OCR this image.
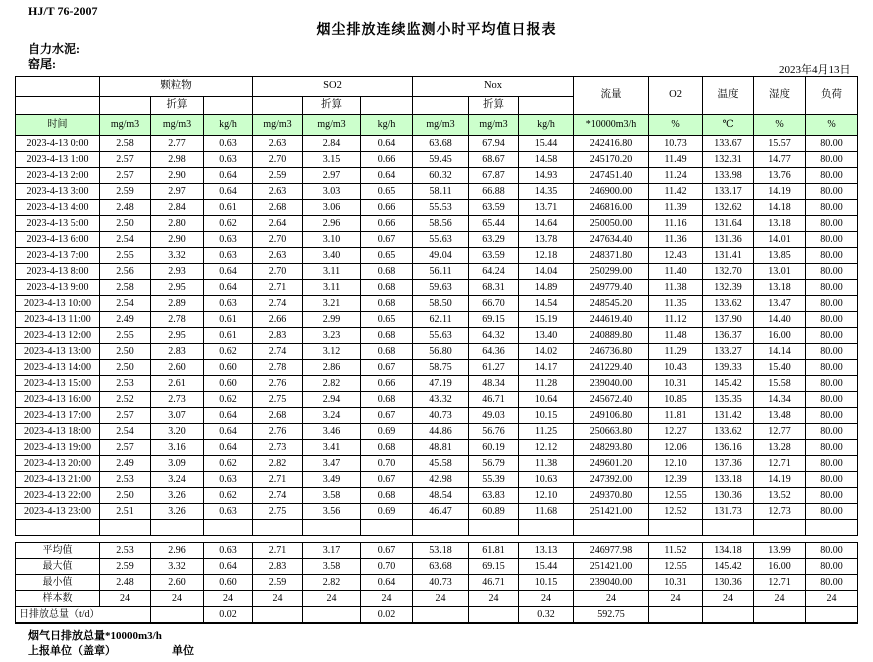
HJ/T 76-2007
烟尘排放连续监测小时平均值日报表
自力水泥:
窑尾:	2023年4月13日
	颗粒物			SO2			Nox			流量	O2	温度	湿度	负荷
		折算			折算			折算						
时间	mg/m3	mg/m3	kg/h	mg/m3	mg/m3	kg/h	mg/m3	mg/m3	kg/h	*10000m3/h	%	℃	%	%
2023-4-13 0:00	2.58	2.77	0.63	2.63	2.84	0.64	63.68	67.94	15.44	242416.80	10.73	133.67	15.57	80.00
2023-4-13 1:00	2.57	2.98	0.63	2.70	3.15	0.66	59.45	68.67	14.58	245170.20	11.49	132.31	14.77	80.00
2023-4-13 2:00	2.57	2.90	0.64	2.59	2.97	0.64	60.32	67.87	14.93	247451.40	11.24	133.98	13.76	80.00
2023-4-13 3:00	2.59	2.97	0.64	2.63	3.03	0.65	58.11	66.88	14.35	246900.00	11.42	133.17	14.19	80.00
2023-4-13 4:00	2.48	2.84	0.61	2.68	3.06	0.66	55.53	63.59	13.71	246816.00	11.39	132.62	14.18	80.00
2023-4-13 5:00	2.50	2.80	0.62	2.64	2.96	0.66	58.56	65.44	14.64	250050.00	11.16	131.64	13.18	80.00
2023-4-13 6:00	2.54	2.90	0.63	2.70	3.10	0.67	55.63	63.29	13.78	247634.40	11.36	131.36	14.01	80.00
2023-4-13 7:00	2.55	3.32	0.63	2.63	3.40	0.65	49.04	63.59	12.18	248371.80	12.43	131.41	13.85	80.00
2023-4-13 8:00	2.56	2.93	0.64	2.70	3.11	0.68	56.11	64.24	14.04	250299.00	11.40	132.70	13.01	80.00
2023-4-13 9:00	2.58	2.95	0.64	2.71	3.11	0.68	59.63	68.31	14.89	249779.40	11.38	132.39	13.18	80.00
2023-4-13 10:00	2.54	2.89	0.63	2.74	3.21	0.68	58.50	66.70	14.54	248545.20	11.35	133.62	13.47	80.00
2023-4-13 11:00	2.49	2.78	0.61	2.66	2.99	0.65	62.11	69.15	15.19	244619.40	11.12	137.90	14.40	80.00
2023-4-13 12:00	2.55	2.95	0.61	2.83	3.23	0.68	55.63	64.32	13.40	240889.80	11.48	136.37	16.00	80.00
2023-4-13 13:00	2.50	2.83	0.62	2.74	3.12	0.68	56.80	64.36	14.02	246736.80	11.29	133.27	14.14	80.00
2023-4-13 14:00	2.50	2.60	0.60	2.78	2.86	0.67	58.75	61.27	14.17	241229.40	10.43	139.33	15.40	80.00
2023-4-13 15:00	2.53	2.61	0.60	2.76	2.82	0.66	47.19	48.34	11.28	239040.00	10.31	145.42	15.58	80.00
2023-4-13 16:00	2.52	2.73	0.62	2.75	2.94	0.68	43.32	46.71	10.64	245672.40	10.85	135.35	14.34	80.00
2023-4-13 17:00	2.57	3.07	0.64	2.68	3.24	0.67	40.73	49.03	10.15	249106.80	11.81	131.42	13.48	80.00
2023-4-13 18:00	2.54	3.20	0.64	2.76	3.46	0.69	44.86	56.76	11.25	250663.80	12.27	133.62	12.77	80.00
2023-4-13 19:00	2.57	3.16	0.64	2.73	3.41	0.68	48.81	60.19	12.12	248293.80	12.06	136.16	13.28	80.00
2023-4-13 20:00	2.49	3.09	0.62	2.82	3.47	0.70	45.58	56.79	11.38	249601.20	12.10	137.36	12.71	80.00
2023-4-13 21:00	2.53	3.24	0.63	2.71	3.49	0.67	42.98	55.39	10.63	247392.00	12.39	133.18	14.19	80.00
2023-4-13 22:00	2.50	3.26	0.62	2.74	3.58	0.68	48.54	63.83	12.10	249370.80	12.55	130.36	13.52	80.00
2023-4-13 23:00	2.51	3.26	0.63	2.75	3.56	0.69	46.47	60.89	11.68	251421.00	12.52	131.73	12.73	80.00

平均值	2.53	2.96	0.63	2.71	3.17	0.67	53.18	61.81	13.13	246977.98	11.52	134.18	13.99	80.00
最大值	2.59	3.32	0.64	2.83	3.58	0.70	63.68	69.15	15.44	251421.00	12.55	145.42	16.00	80.00
最小值	2.48	2.60	0.60	2.59	2.82	0.64	40.73	46.71	10.15	239040.00	10.31	130.36	12.71	80.00
样本数	24	24	24	24	24	24	24	24	24	24	24	24	24	24
日排放总量（t/d）			0.02			0.02			0.32	592.75				
烟气日排放总量*10000m3/h
上报单位（盖章）	单位
